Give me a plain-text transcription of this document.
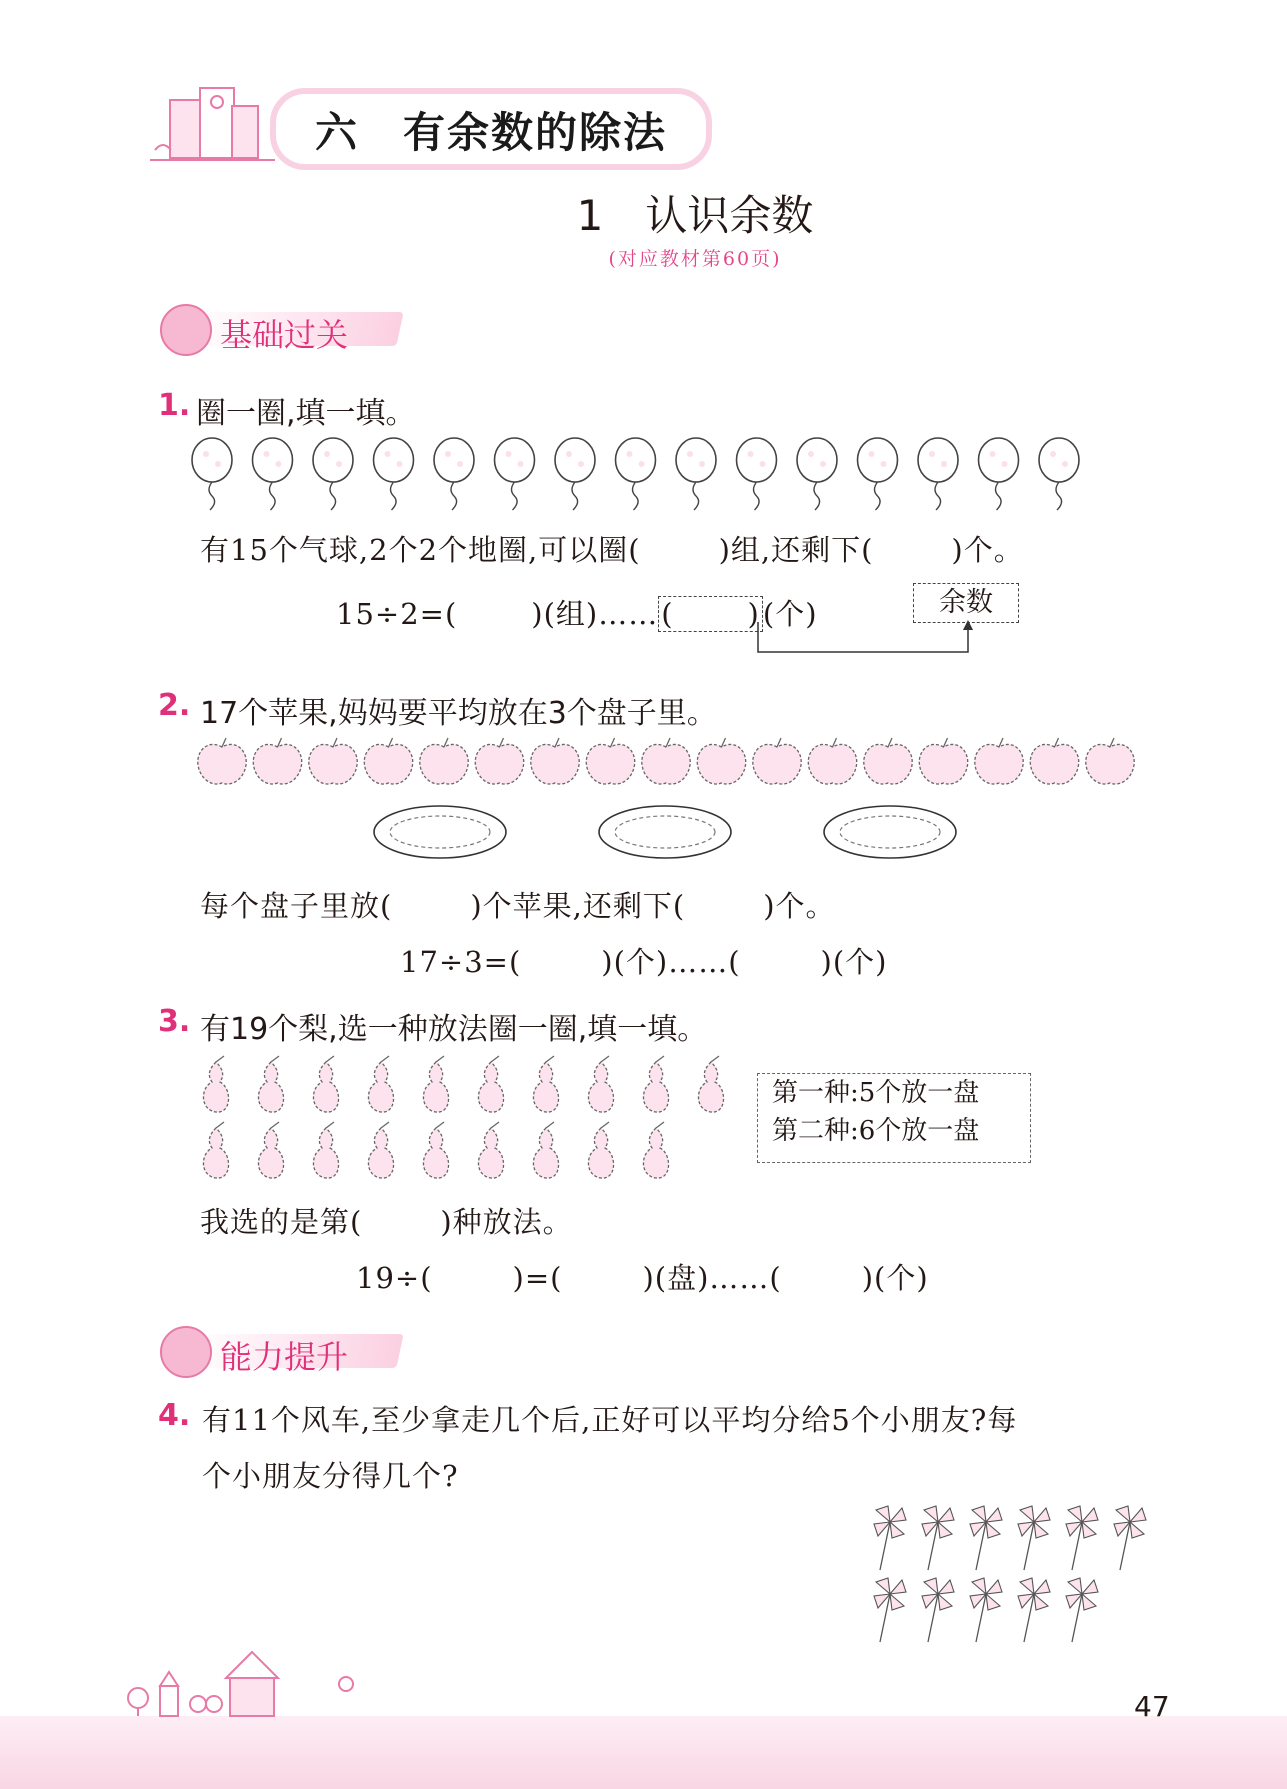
六　有余数的除法
1　认识余数
(对应教材第60页)
基础过关
1. 圈一圈,填一填。
有15个气球,2个2个地圈,可以圈(	)组,还剩下(	)个。
15÷2=(	)(组)…… (	) (个)	余数
2. 17个苹果,妈妈要平均放在3个盘子里。
每个盘子里放(	)个苹果,还剩下(	)个。
17÷3=(	)(个)……(	)(个)
3. 有19个梨,选一种放法圈一圈,填一填。
第一种:5个放一盘
第二种:6个放一盘
我选的是第(	)种放法。
19÷(	)=(	)(盘)……(	)(个)
能力提升
4. 有11个风车,至少拿走几个后,正好可以平均分给5个小朋友?每
个小朋友分得几个?
47
